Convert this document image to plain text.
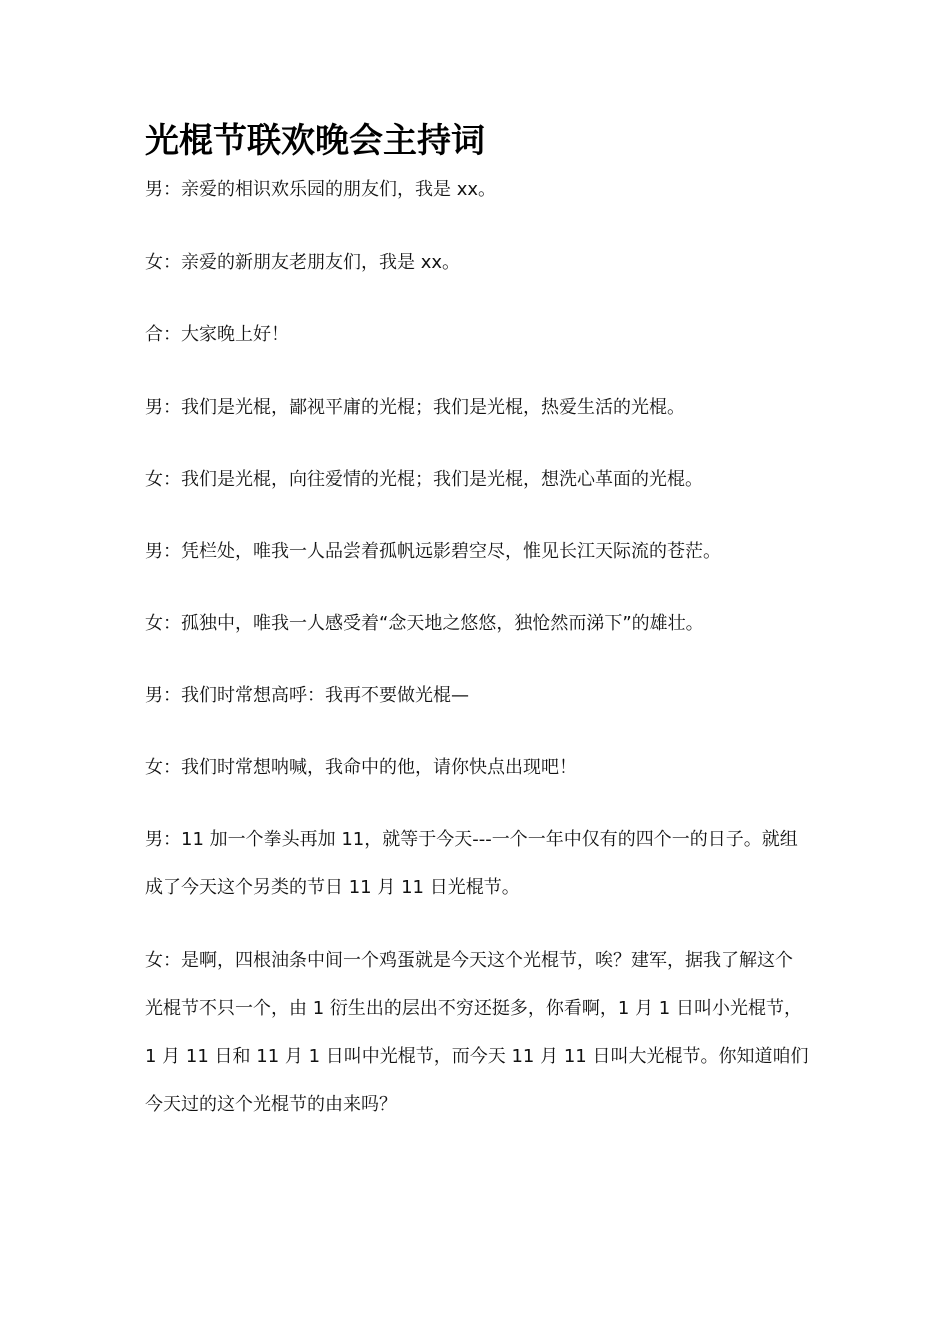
光棍节联欢晚会主持词

男：亲爱的相识欢乐园的朋友们，我是 xx。

女：亲爱的新朋友老朋友们，我是 xx。

合：大家晚上好！

男：我们是光棍，鄙视平庸的光棍；我们是光棍，热爱生活的光棍。

女：我们是光棍，向往爱情的光棍；我们是光棍，想洗心革面的光棍。

男：凭栏处，唯我一人品尝着孤帆远影碧空尽，惟见长江天际流的苍茫。

女：孤独中，唯我一人感受着“念天地之悠悠，独怆然而涕下”的雄壮。

男：我们时常想高呼：我再不要做光棍—

女：我们时常想呐喊，我命中的他，请你快点出现吧！

男：11 加一个拳头再加 11，就等于今天---一个一年中仅有的四个一的日子。就组成了今天这个另类的节日 11 月 11 日光棍节。

女：是啊，四根油条中间一个鸡蛋就是今天这个光棍节，唉？建军，据我了解这个光棍节不只一个，由 1 衍生出的层出不穷还挺多，你看啊，1 月 1 日叫小光棍节，1 月 11 日和 11 月 1 日叫中光棍节，而今天 11 月 11 日叫大光棍节。你知道咱们今天过的这个光棍节的由来吗？
